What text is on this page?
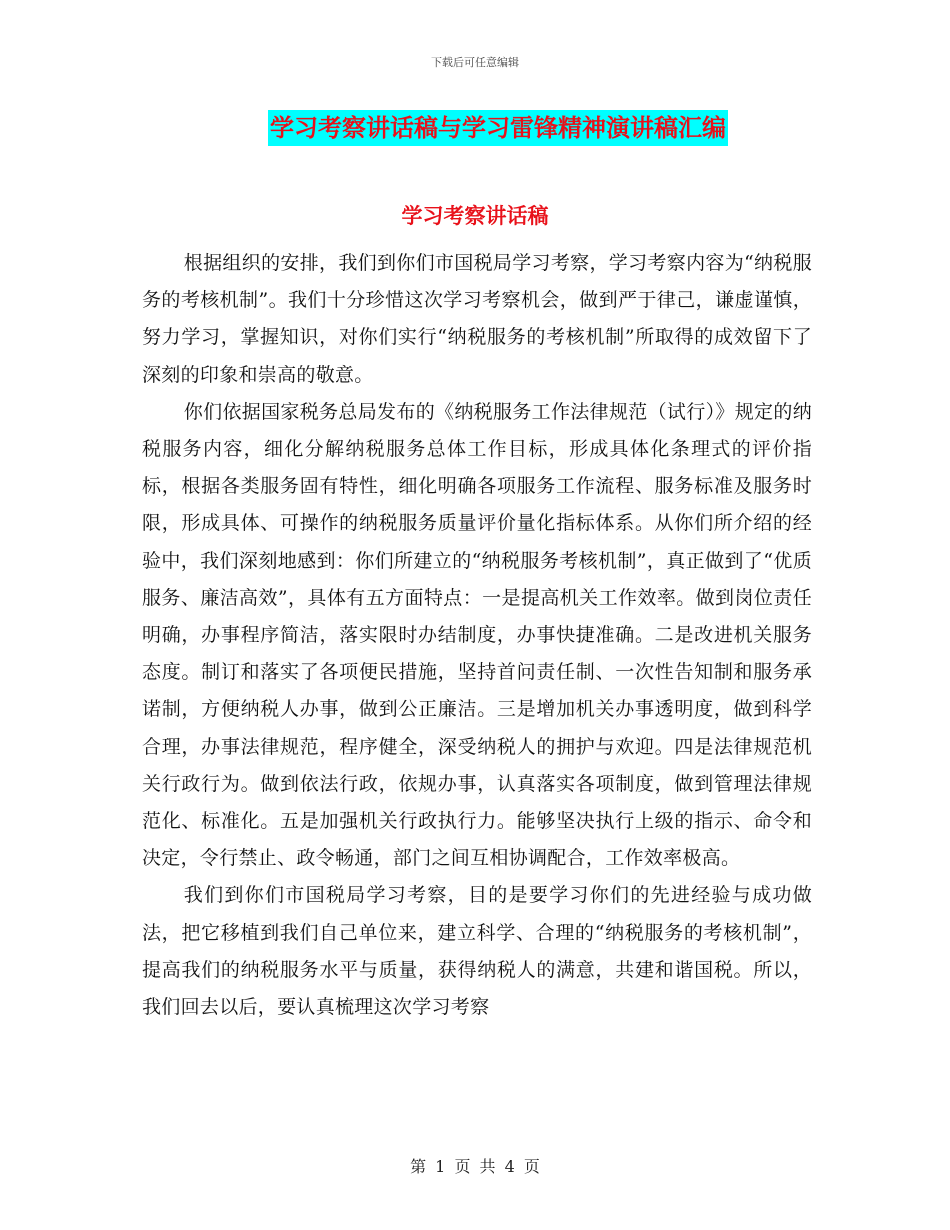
下载后可任意编辑
学习考察讲话稿与学习雷锋精神演讲稿汇编
学习考察讲话稿

根据组织的安排，我们到你们市国税局学习考察，学习考察内容为“纳税服务的考核机制”。我们十分珍惜这次学习考察机会，做到严于律己，谦虚谨慎，努力学习，掌握知识，对你们实行“纳税服务的考核机制”所取得的成效留下了深刻的印象和崇高的敬意。

你们依据国家税务总局发布的《纳税服务工作法律规范（试行）》规定的纳税服务内容，细化分解纳税服务总体工作目标，形成具体化条理式的评价指标，根据各类服务固有特性，细化明确各项服务工作流程、服务标准及服务时限，形成具体、可操作的纳税服务质量评价量化指标体系。从你们所介绍的经验中，我们深刻地感到：你们所建立的“纳税服务考核机制”，真正做到了“优质服务、廉洁高效”，具体有五方面特点：一是提高机关工作效率。做到岗位责任明确，办事程序简洁，落实限时办结制度，办事快捷准确。二是改进机关服务态度。制订和落实了各项便民措施，坚持首问责任制、一次性告知制和服务承诺制，方便纳税人办事，做到公正廉洁。三是增加机关办事透明度，做到科学合理，办事法律规范，程序健全，深受纳税人的拥护与欢迎。四是法律规范机关行政行为。做到依法行政，依规办事，认真落实各项制度，做到管理法律规范化、标准化。五是加强机关行政执行力。能够坚决执行上级的指示、命令和决定，令行禁止、政令畅通，部门之间互相协调配合，工作效率极高。

我们到你们市国税局学习考察，目的是要学习你们的先进经验与成功做法，把它移植到我们自己单位来，建立科学、合理的“纳税服务的考核机制”，提高我们的纳税服务水平与质量，获得纳税人的满意，共建和谐国税。所以，我们回去以后，要认真梳理这次学习考察

第 1 页 共 4 页
